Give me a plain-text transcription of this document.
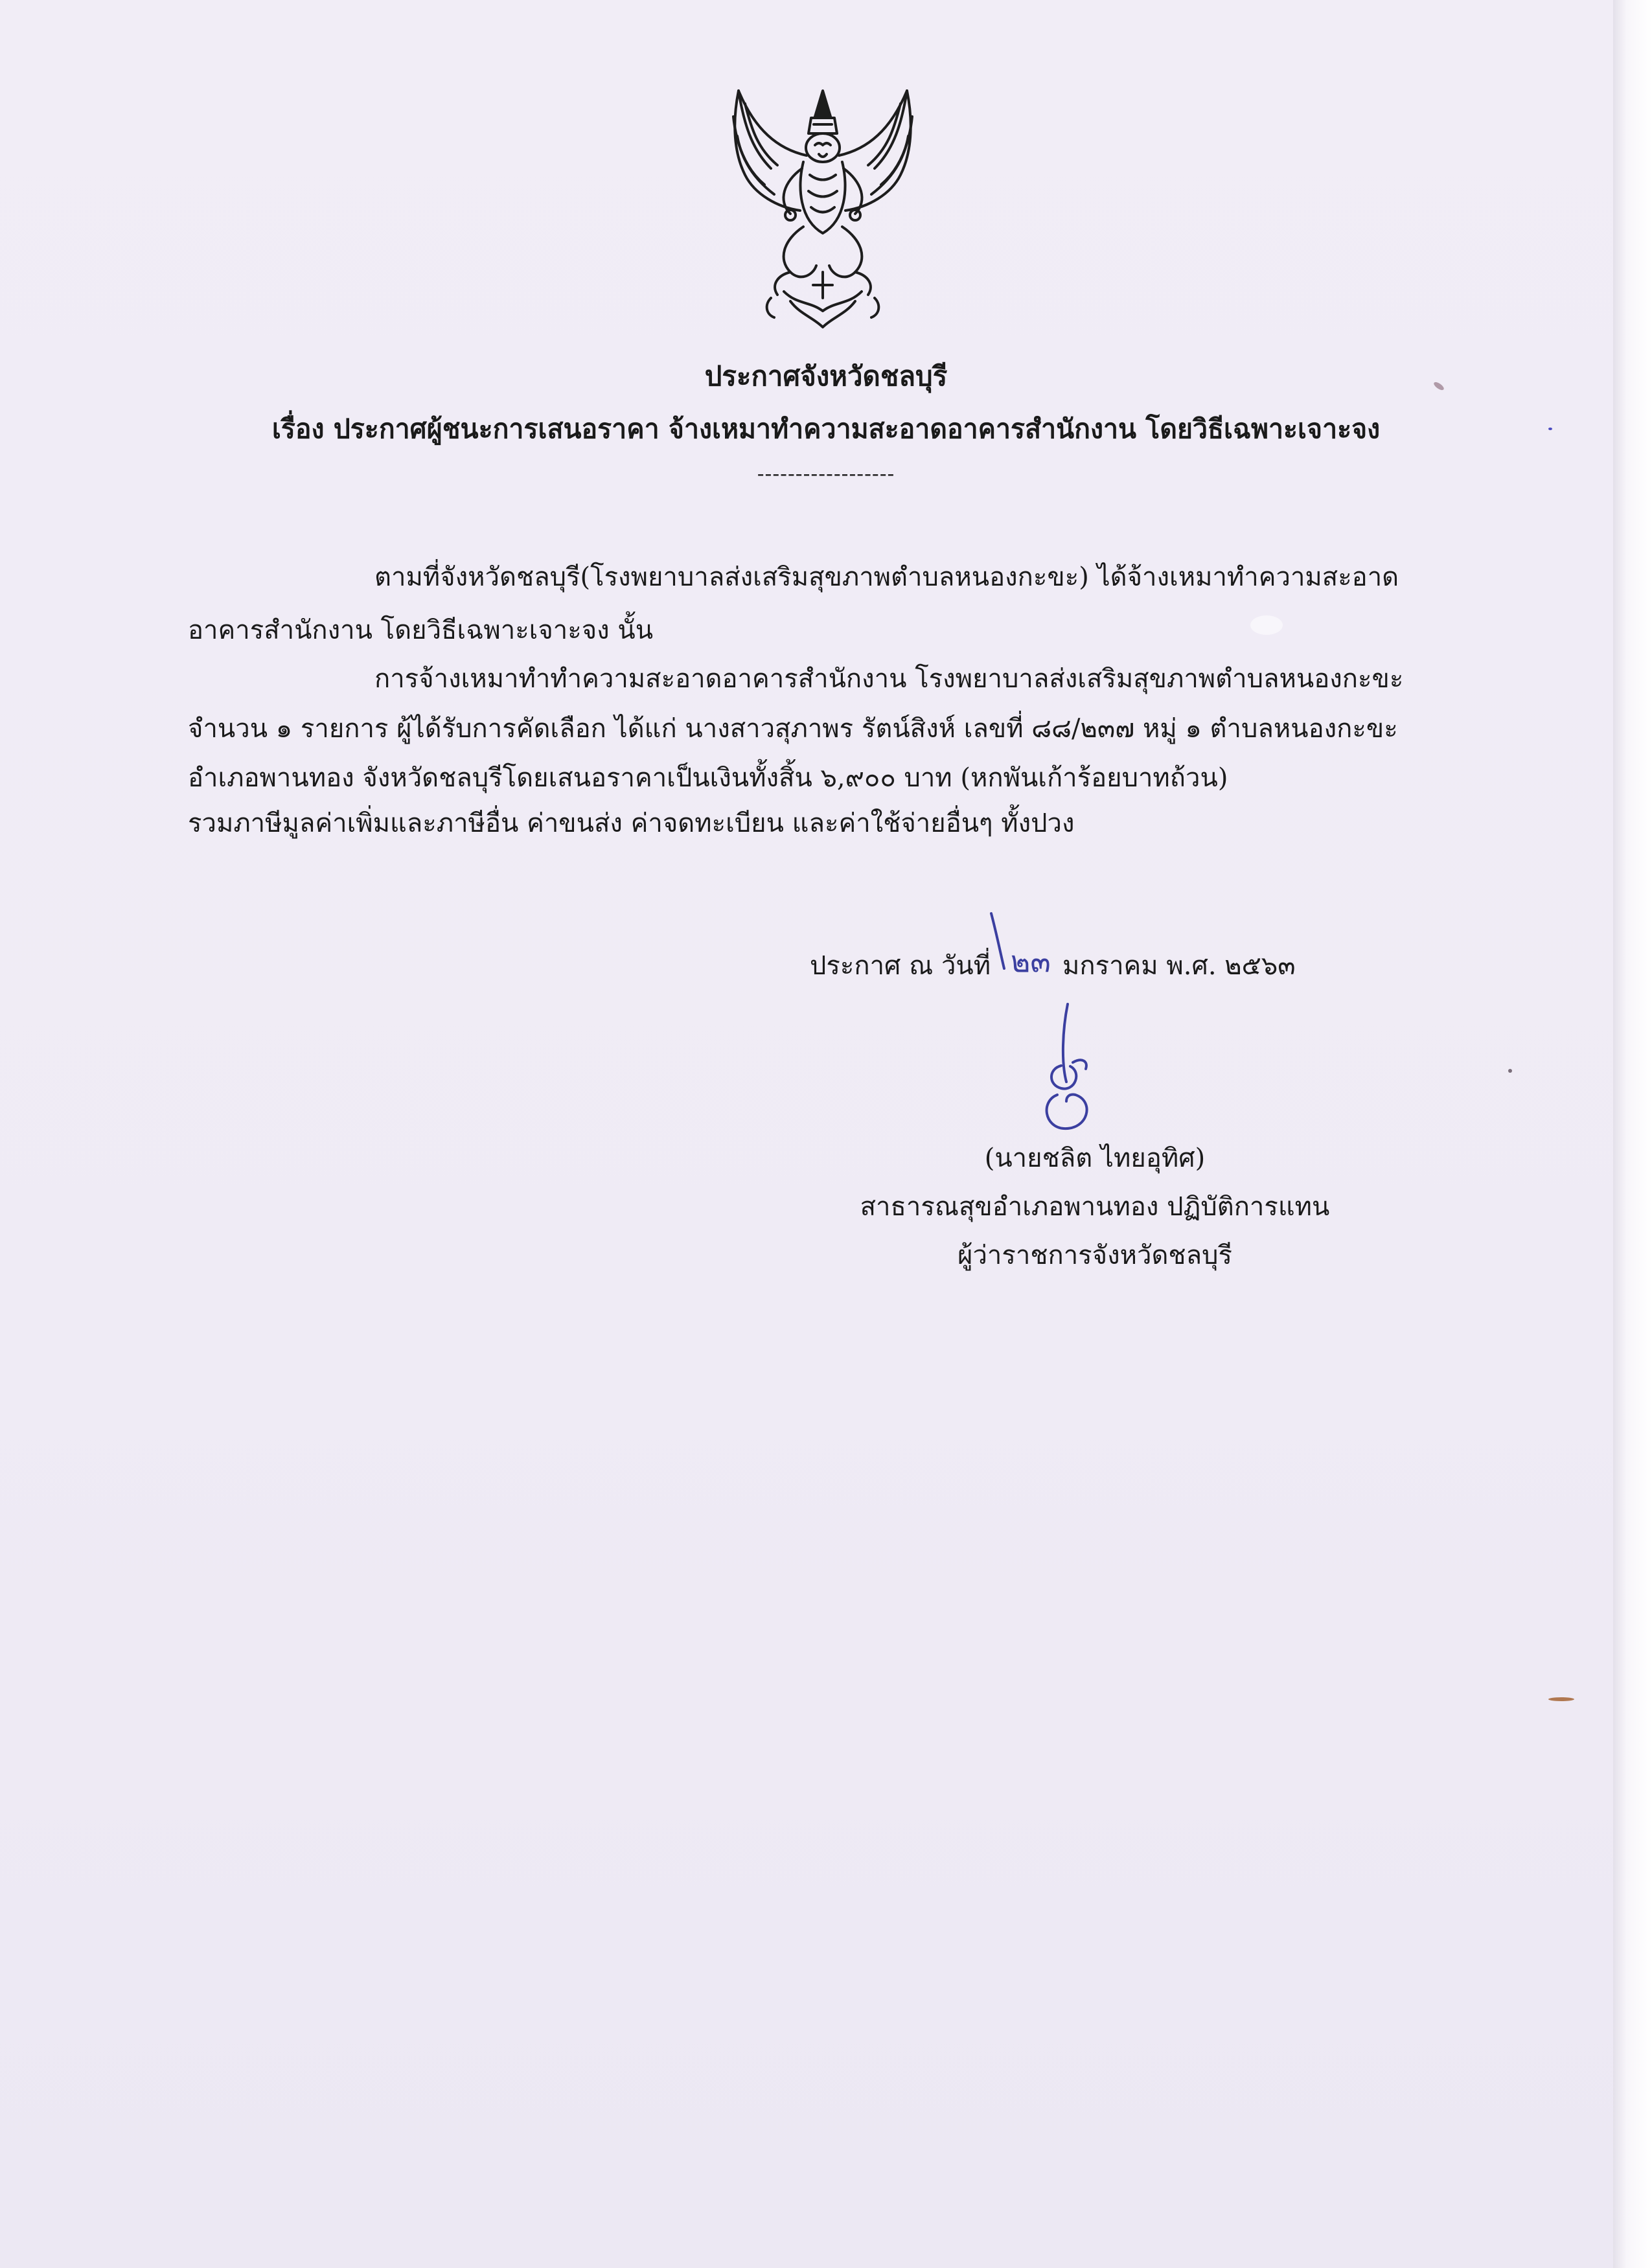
ประกาศจังหวัดชลบุรี
เรื่อง ประกาศผู้ชนะการเสนอราคา จ้างเหมาทำความสะอาดอาคารสำนักงาน โดยวิธีเฉพาะเจาะจง
------------------
ตามที่จังหวัดชลบุรี(โรงพยาบาลส่งเสริมสุขภาพตำบลหนองกะขะ) ได้จ้างเหมาทำความสะอาด
อาคารสำนักงาน โดยวิธีเฉพาะเจาะจง นั้น
การจ้างเหมาทำทำความสะอาดอาคารสำนักงาน โรงพยาบาลส่งเสริมสุขภาพตำบลหนองกะขะ
จำนวน ๑ รายการ ผู้ได้รับการคัดเลือก ได้แก่ นางสาวสุภาพร รัตน์สิงห์ เลขที่ ๘๘/๒๓๗ หมู่ ๑ ตำบลหนองกะขะ
อำเภอพานทอง จังหวัดชลบุรีโดยเสนอราคาเป็นเงินทั้งสิ้น ๖,๙๐๐ บาท (หกพันเก้าร้อยบาทถ้วน)
รวมภาษีมูลค่าเพิ่มและภาษีอื่น ค่าขนส่ง ค่าจดทะเบียน และค่าใช้จ่ายอื่นๆ ทั้งปวง
ประกาศ ณ วันที่ ๒๓ มกราคม พ.ศ. ๒๕๖๓
(นายชลิต ไทยอุทิศ)
สาธารณสุขอำเภอพานทอง ปฏิบัติการแทน
ผู้ว่าราชการจังหวัดชลบุรี
